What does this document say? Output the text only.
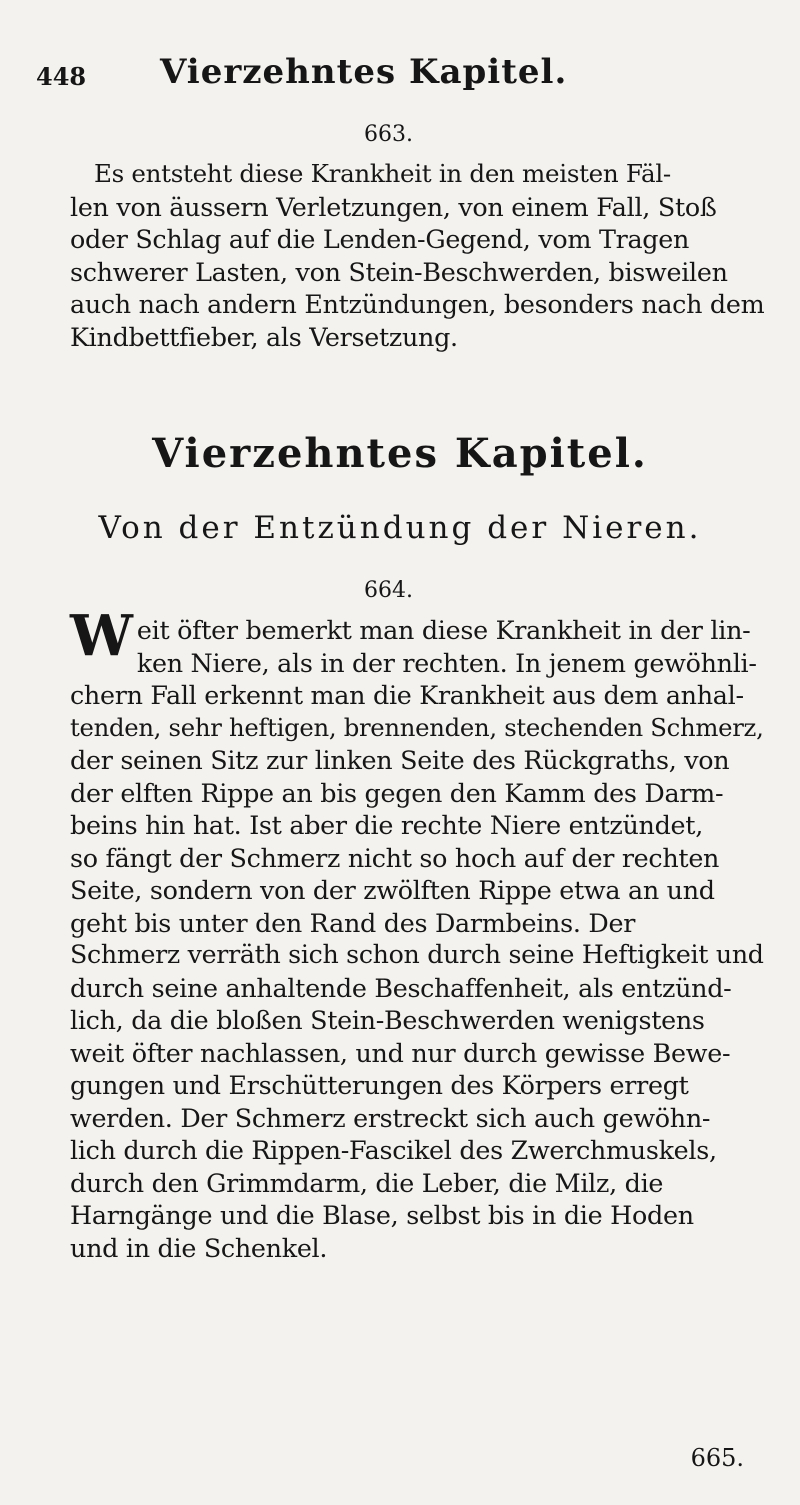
448 Vierzehntes Kapitel.
663.
Es entsteht diese Krankheit in den meisten Fäl-
len von äussern Verletzungen, von einem Fall, Stoß
oder Schlag auf die Lenden-Gegend, vom Tragen
schwerer Lasten, von Stein-Beschwerden, bisweilen
auch nach andern Entzündungen, besonders nach dem
Kindbettfieber, als Versetzung.
Vierzehntes Kapitel.
Von der Entzündung der Nieren.
664.
W eit öfter bemerkt man diese Krankheit in der lin-
ken Niere, als in der rechten. In jenem gewöhnli-
chern Fall erkennt man die Krankheit aus dem anhal-
tenden, sehr heftigen, brennenden, stechenden Schmerz,
der seinen Sitz zur linken Seite des Rückgraths, von
der elften Rippe an bis gegen den Kamm des Darm-
beins hin hat. Ist aber die rechte Niere entzündet,
so fängt der Schmerz nicht so hoch auf der rechten
Seite, sondern von der zwölften Rippe etwa an und
geht bis unter den Rand des Darmbeins. Der
Schmerz verräth sich schon durch seine Heftigkeit und
durch seine anhaltende Beschaffenheit, als entzünd-
lich, da die bloßen Stein-Beschwerden wenigstens
weit öfter nachlassen, und nur durch gewisse Bewe-
gungen und Erschütterungen des Körpers erregt
werden. Der Schmerz erstreckt sich auch gewöhn-
lich durch die Rippen-Fascikel des Zwerchmuskels,
durch den Grimmdarm, die Leber, die Milz, die
Harngänge und die Blase, selbst bis in die Hoden
und in die Schenkel.
665.
